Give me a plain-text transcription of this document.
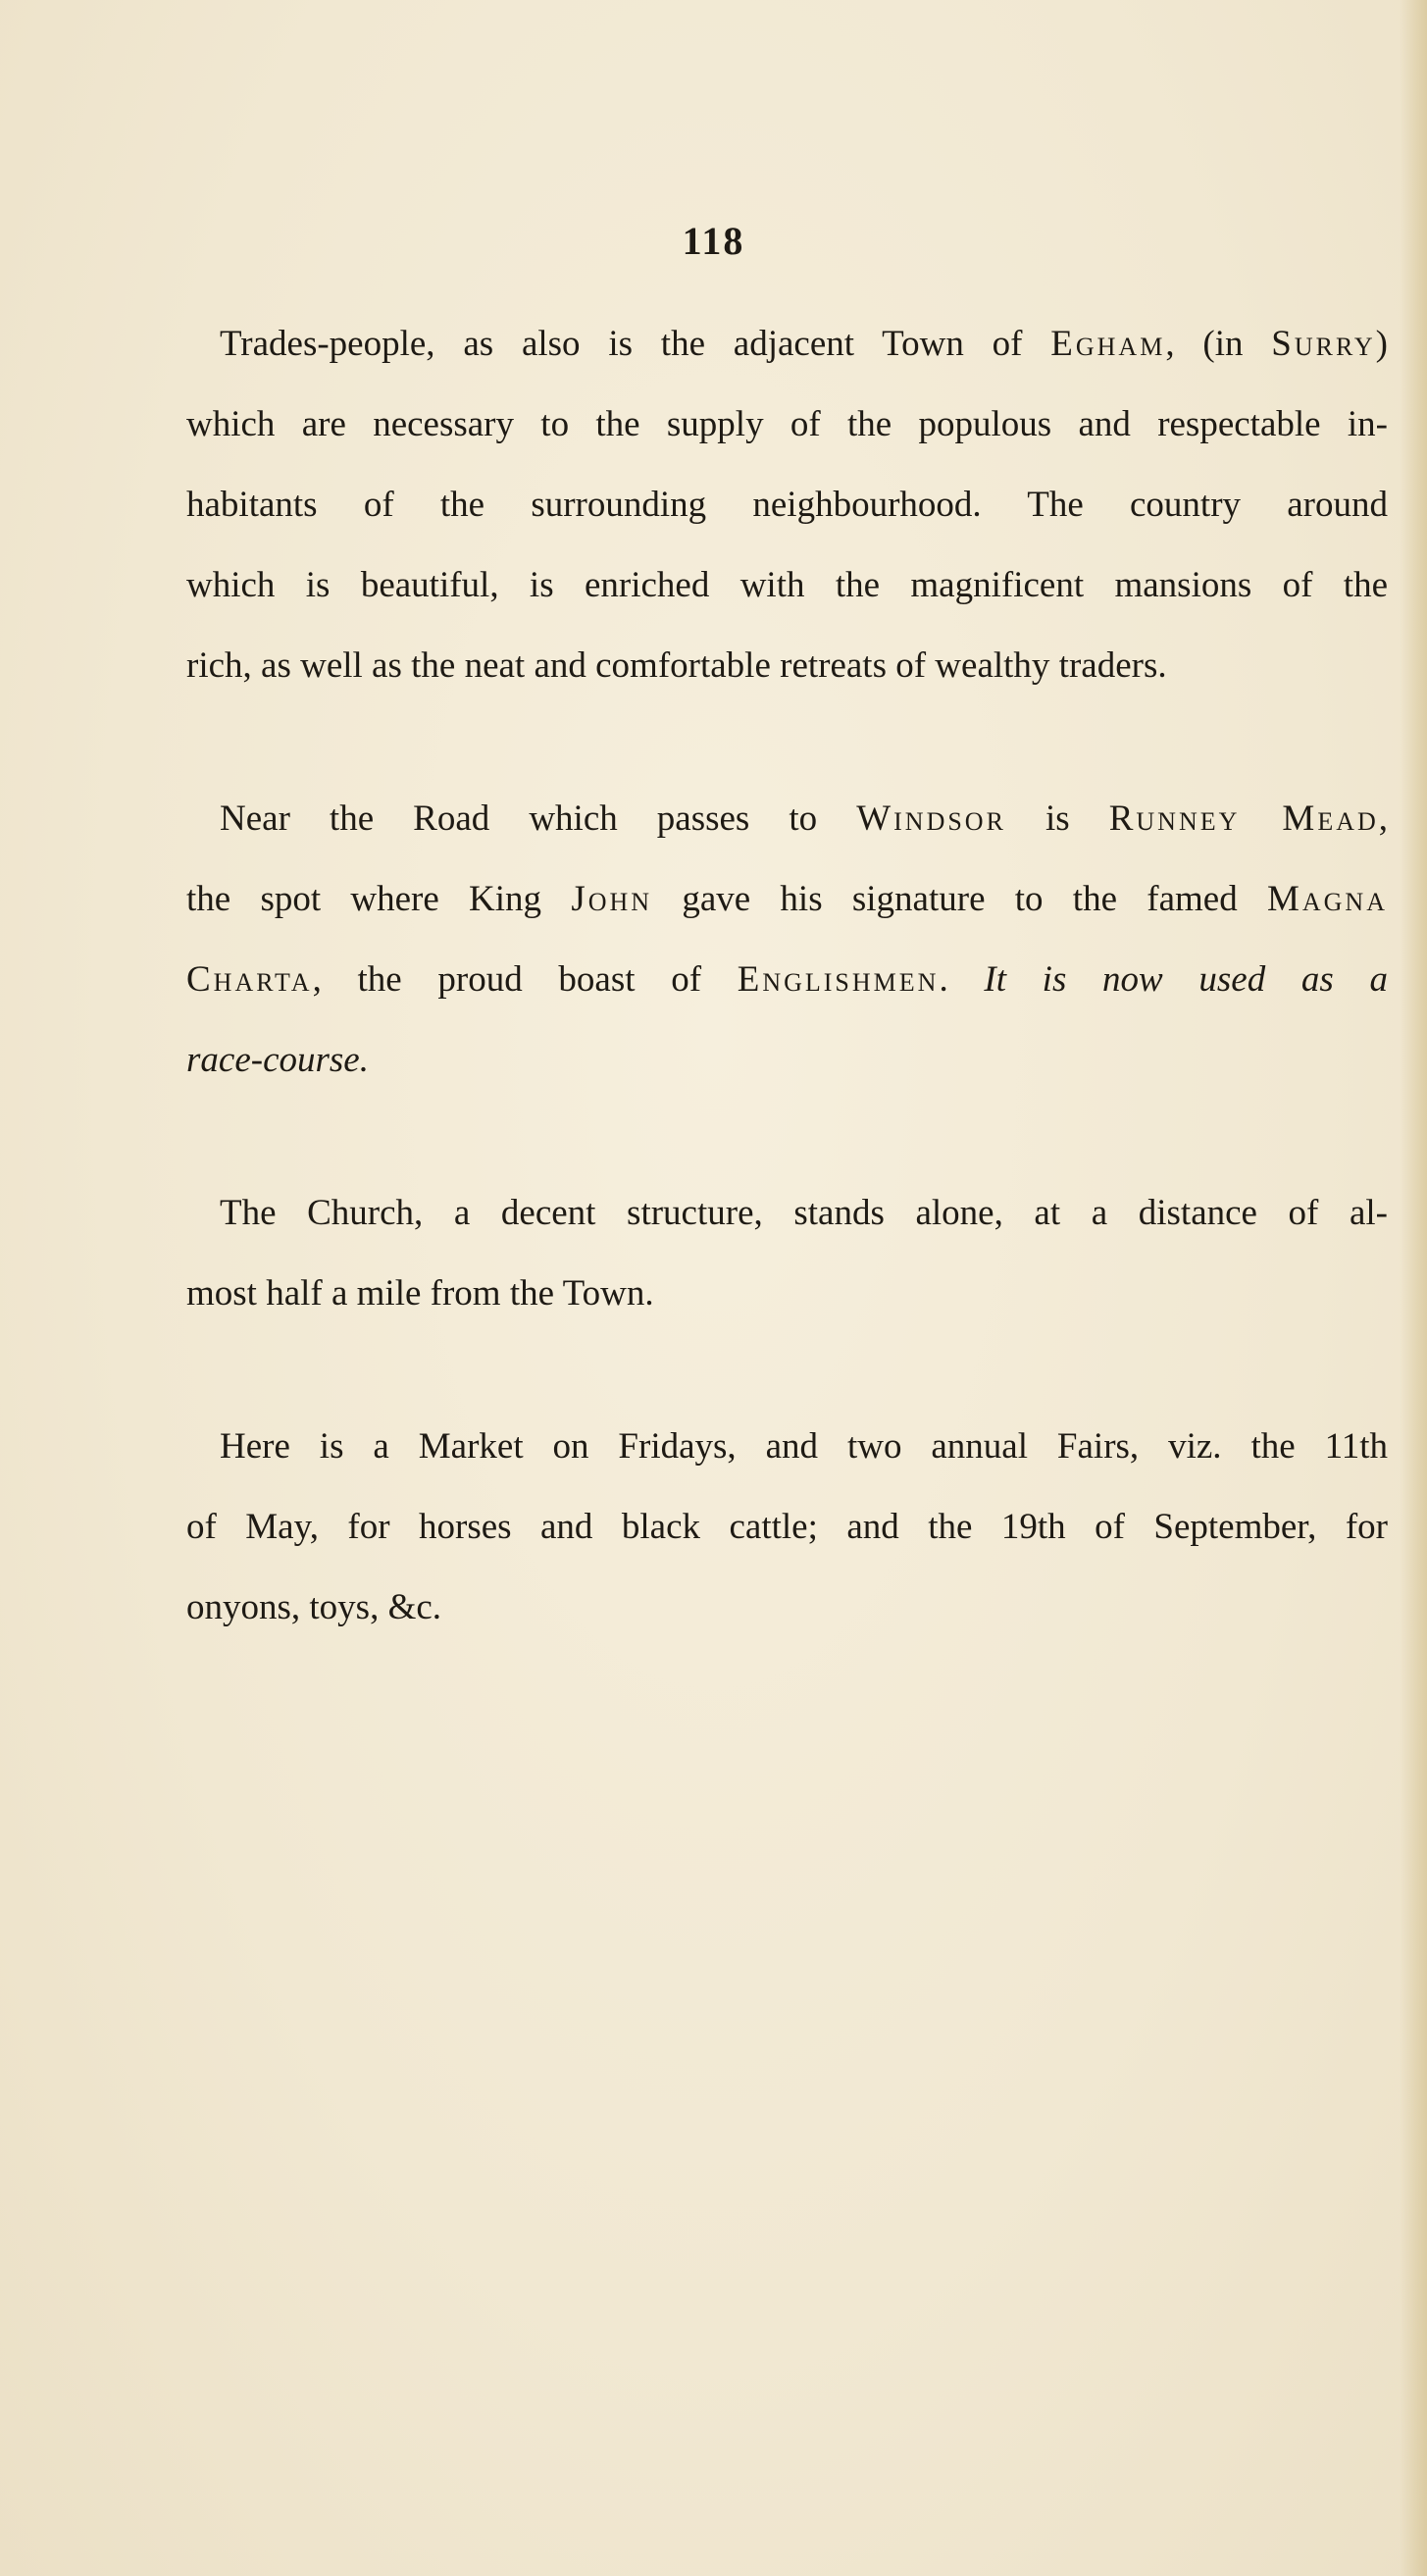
118
Trades-people, as also is the adjacent Town of Egham, (in Surry)
which are necessary to the supply of the populous and respectable in-
habitants of the surrounding neighbourhood. The country around
which is beautiful, is enriched with the magnificent mansions of the
rich, as well as the neat and comfortable retreats of wealthy traders.
Near the Road which passes to Windsor is Runney Mead,
the spot where King John gave his signature to the famed Magna
Charta, the proud boast of Englishmen. It is now used as a
race-course.
The Church, a decent structure, stands alone, at a distance of al-
most half a mile from the Town.
Here is a Market on Fridays, and two annual Fairs, viz. the 11th
of May, for horses and black cattle; and the 19th of September, for
onyons, toys, &c.
